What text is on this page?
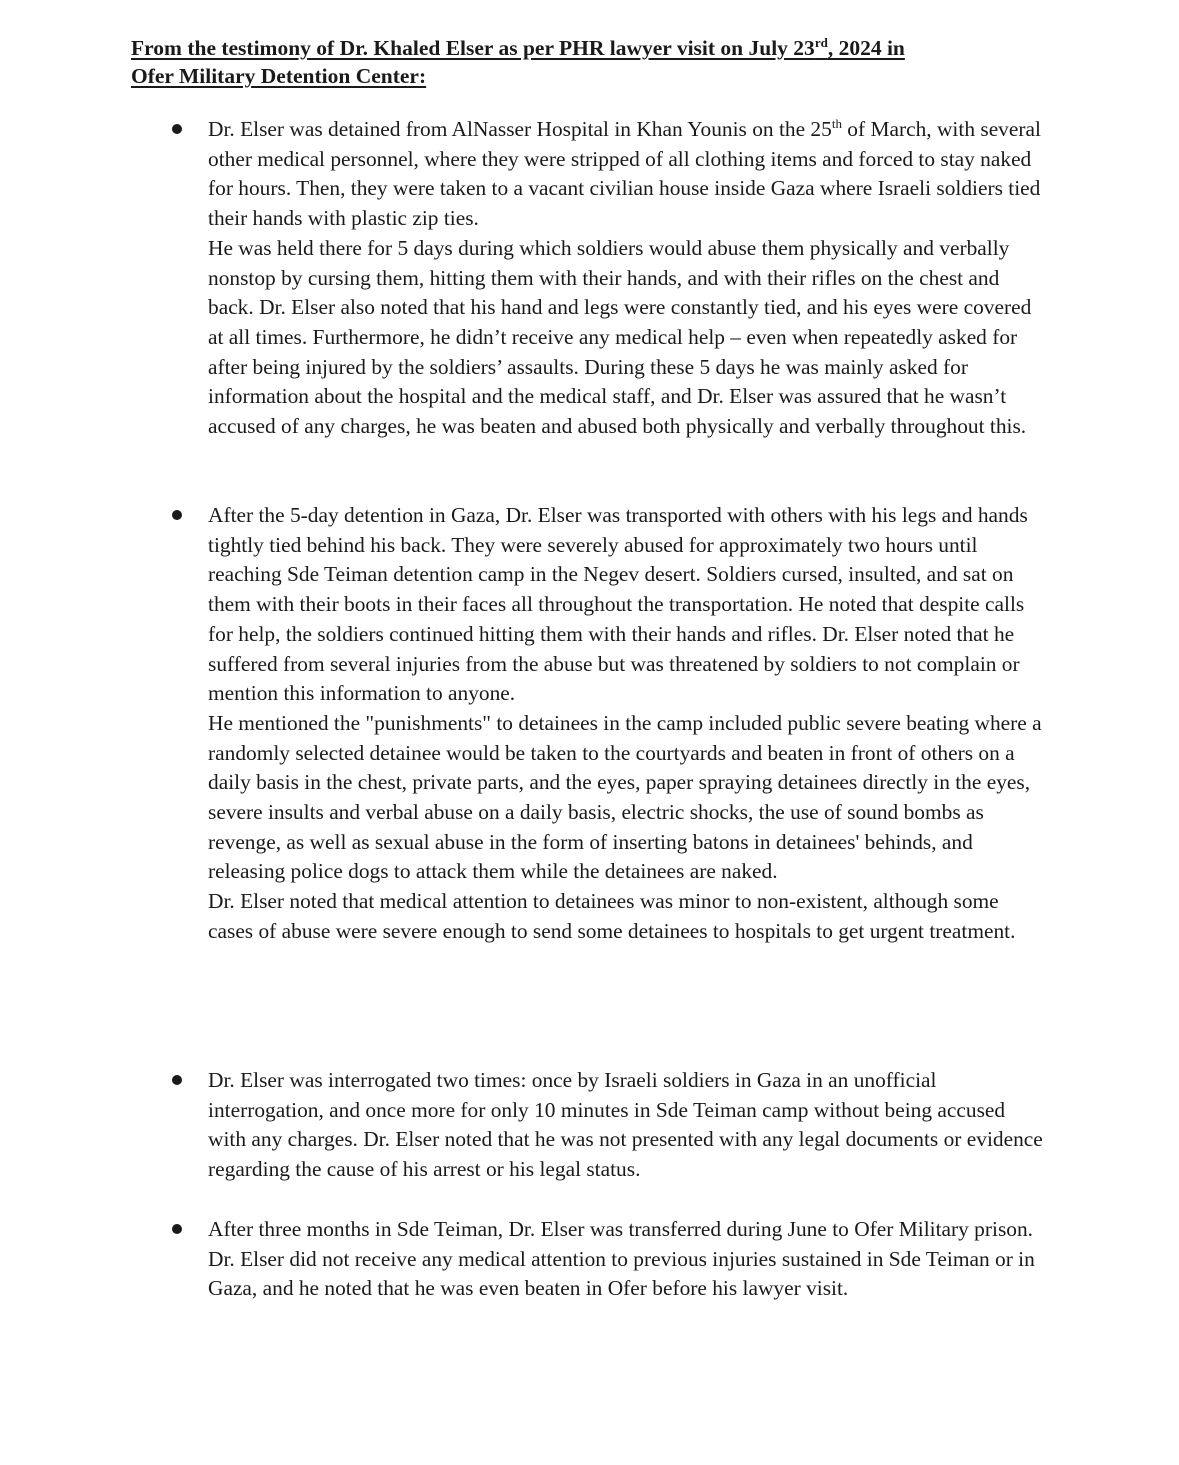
From the testimony of Dr. Khaled Elser as per PHR lawyer visit on July 23rd, 2024 in
Ofer Military Detention Center:

Dr. Elser was detained from AlNasser Hospital in Khan Younis on the 25th of March, with several other medical personnel, where they were stripped of all clothing items and forced to stay naked for hours. Then, they were taken to a vacant civilian house inside Gaza where Israeli soldiers tied their hands with plastic zip ties.

He was held there for 5 days during which soldiers would abuse them physically and verbally nonstop by cursing them, hitting them with their hands, and with their rifles on the chest and back. Dr. Elser also noted that his hand and legs were constantly tied, and his eyes were covered at all times. Furthermore, he didn’t receive any medical help – even when repeatedly asked for after being injured by the soldiers’ assaults. During these 5 days he was mainly asked for information about the hospital and the medical staff, and Dr. Elser was assured that he wasn’t accused of any charges, he was beaten and abused both physically and verbally throughout this.

After the 5-day detention in Gaza, Dr. Elser was transported with others with his legs and hands tightly tied behind his back. They were severely abused for approximately two hours until reaching Sde Teiman detention camp in the Negev desert. Soldiers cursed, insulted, and sat on them with their boots in their faces all throughout the transportation. He noted that despite calls for help, the soldiers continued hitting them with their hands and rifles. Dr. Elser noted that he suffered from several injuries from the abuse but was threatened by soldiers to not complain or mention this information to anyone.

He mentioned the "punishments" to detainees in the camp included public severe beating where a randomly selected detainee would be taken to the courtyards and beaten in front of others on a daily basis in the chest, private parts, and the eyes, paper spraying detainees directly in the eyes, severe insults and verbal abuse on a daily basis, electric shocks, the use of sound bombs as revenge, as well as sexual abuse in the form of inserting batons in detainees' behinds, and releasing police dogs to attack them while the detainees are naked.

Dr. Elser noted that medical attention to detainees was minor to non-existent, although some cases of abuse were severe enough to send some detainees to hospitals to get urgent treatment.

Dr. Elser was interrogated two times: once by Israeli soldiers in Gaza in an unofficial interrogation, and once more for only 10 minutes in Sde Teiman camp without being accused with any charges. Dr. Elser noted that he was not presented with any legal documents or evidence regarding the cause of his arrest or his legal status.

After three months in Sde Teiman, Dr. Elser was transferred during June to Ofer Military prison. Dr. Elser did not receive any medical attention to previous injuries sustained in Sde Teiman or in Gaza, and he noted that he was even beaten in Ofer before his lawyer visit.
